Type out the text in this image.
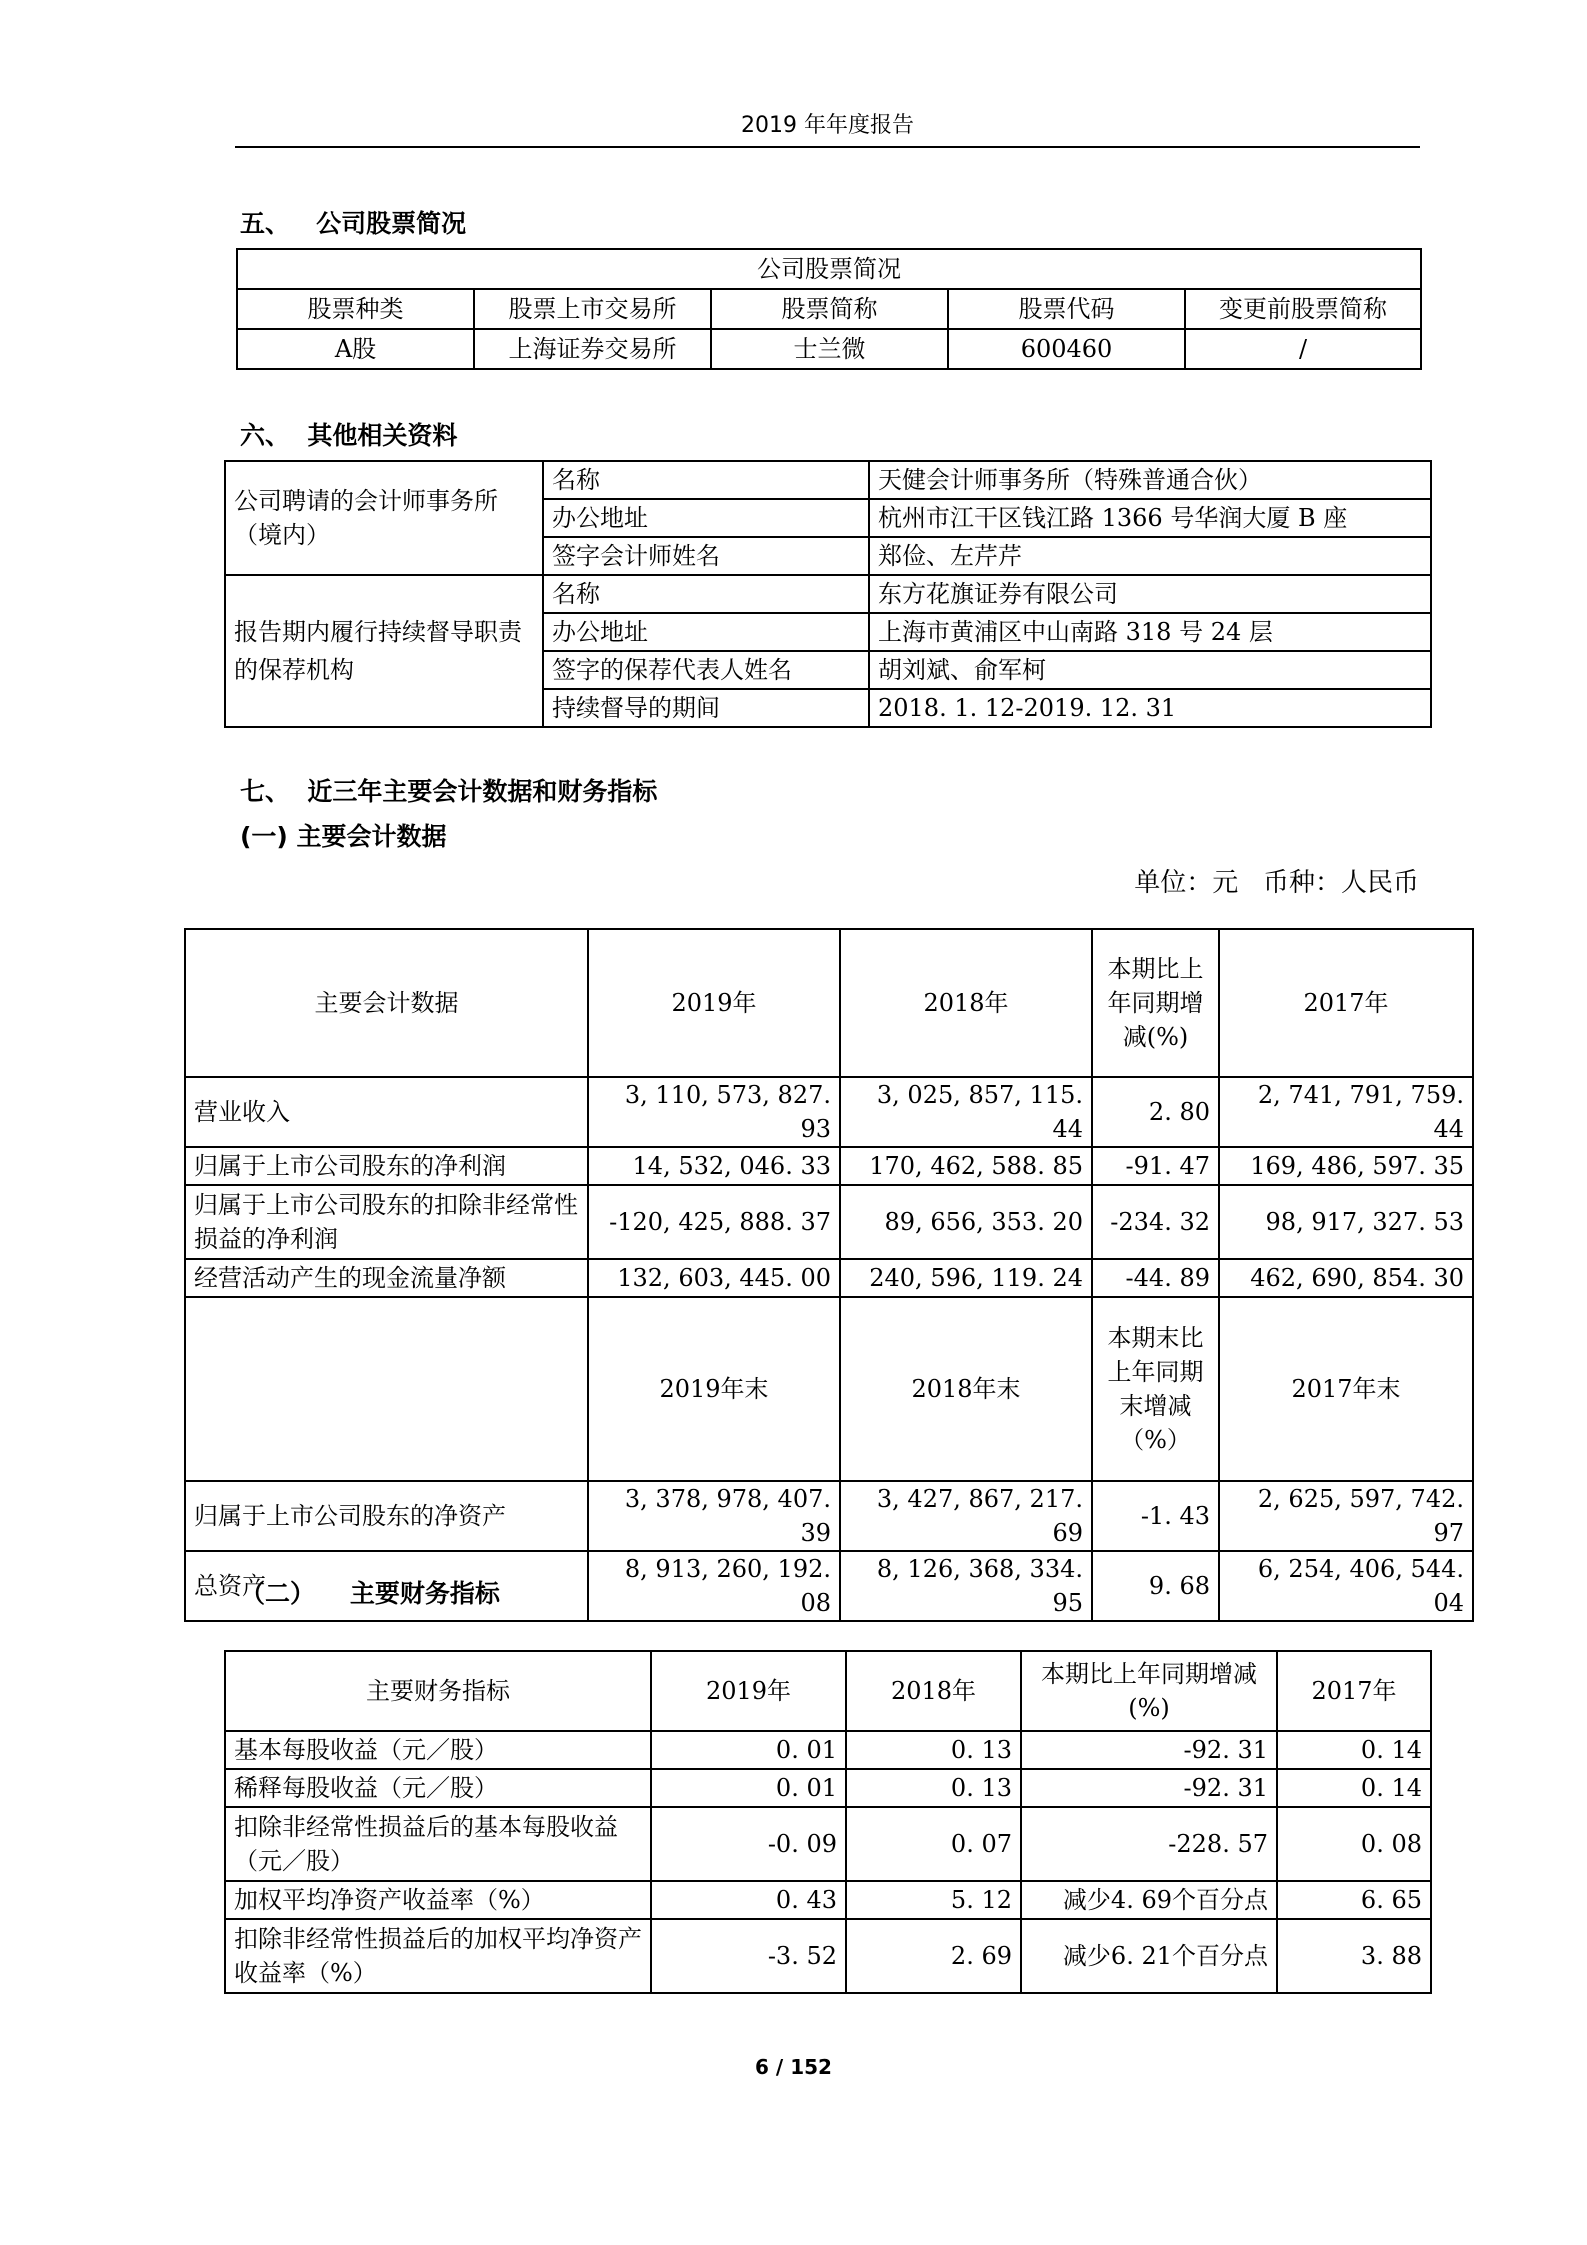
2019 年年度报告
五、   公司股票简况
公司股票简况				
股票种类	股票上市交易所	股票简称	股票代码	变更前股票简称
A股	上海证券交易所	士兰微	600460	/
六、  其他相关资料
公司聘请的会计师事务所（境内）	名称	天健会计师事务所（特殊普通合伙）
	办公地址	杭州市江干区钱江路 1366 号华润大厦 B 座
	签字会计师姓名	郑俭、左芹芹
报告期内履行持续督导职责的保荐机构	名称	东方花旗证券有限公司
	办公地址	上海市黄浦区中山南路 318 号 24 层
	签字的保荐代表人姓名	胡刘斌、俞军柯
	持续督导的期间	2018. 1. 12-2019. 12. 31
七、  近三年主要会计数据和财务指标
(一) 主要会计数据
单位：元   币种：人民币
主要会计数据	2019年	2018年	本期比上年同期增减(%)	2017年
营业收入	3, 110, 573, 827. 93	3, 025, 857, 115. 44	2. 80	2, 741, 791, 759. 44
归属于上市公司股东的净利润	14, 532, 046. 33	170, 462, 588. 85	-91. 47	169, 486, 597. 35
归属于上市公司股东的扣除非经常性损益的净利润	-120, 425, 888. 37	89, 656, 353. 20	-234. 32	98, 917, 327. 53
经营活动产生的现金流量净额	132, 603, 445. 00	240, 596, 119. 24	-44. 89	462, 690, 854. 30
	2019年末	2018年末	本期末比上年同期末增减（%）	2017年末
归属于上市公司股东的净资产	3, 378, 978, 407. 39	3, 427, 867, 217. 69	-1. 43	2, 625, 597, 742. 97
总资产	8, 913, 260, 192. 08	8, 126, 368, 334. 95	9. 68	6, 254, 406, 544. 04
（二）    主要财务指标
主要财务指标	2019年	2018年	本期比上年同期增减(%)	2017年
基本每股收益（元／股）	0. 01	0. 13	-92. 31	0. 14
稀释每股收益（元／股）	0. 01	0. 13	-92. 31	0. 14
扣除非经常性损益后的基本每股收益（元／股）	-0. 09	0. 07	-228. 57	0. 08
加权平均净资产收益率（%）	0. 43	5. 12	减少4. 69个百分点	6. 65
扣除非经常性损益后的加权平均净资产收益率（%）	-3. 52	2. 69	减少6. 21个百分点	3. 88
6 / 152
